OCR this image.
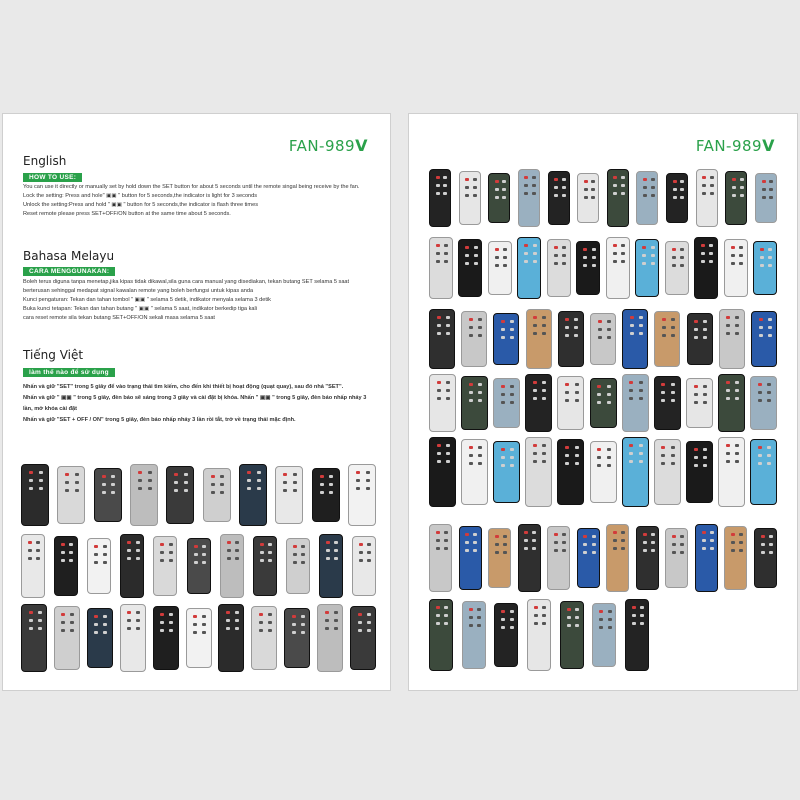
FAN-989V
English
HOW TO USE:

You can use it directly or manually set by hold down the SET button for about 5 seconds until the remote singal being receive by the fan.

Lock the setting: Press and hole" ▣▣ " button for 5 seconds,the indicator is light for 3 seconds

Unlock the setting:Press and hold " ▣▣ " button for 5 seconds,the indicator is flash three times

Reset remote please press SET+OFF/ON button at the same time about 5 seconds.

Bahasa Melayu
CARA MENGGUNAKAN:

Boleh terus diguna tanpa menetap,jika kipas tidak dikawal,sila guna cara manual yang disediakan, tekan butang SET selama 5 saat berterusan sehinggal medapat signal kawalan remote yang boleh berfungsi untuk kipas anda

Kunci pengaturan: Tekan dan tahan tombol " ▣▣ " selama 5 detik, indikator menyala selama 3 detik

Buka kunci tetapan: Tekan dan tahan butang " ▣▣ " selama 5 saat, indikator berkedip tiga kali

cara reset remote sila tekan butang SET+OFF/ON sekali masa selama 5 saat

Tiếng Việt
làm thế nào để sử dụng

Nhấn và giữ "SET" trong 5 giây để vào trạng thái tìm kiếm, cho đến khi thiết bị hoạt động (quạt quay), sau đó nhả "SET".

Nhấn và giữ " ▣▣ " trong 5 giây, đèn báo sẽ sáng trong 3 giây và cài đặt bị khóa. Nhấn " ▣▣ " trong 5 giây, đèn báo nhấp nháy 3 lần, mở khóa cài đặt

Nhấn và giữ "SET + OFF / ON" trong 5 giây, đèn báo nhấp nháy 3 lần rồi tắt, trở về trạng thái mặc định.

FAN-989V
